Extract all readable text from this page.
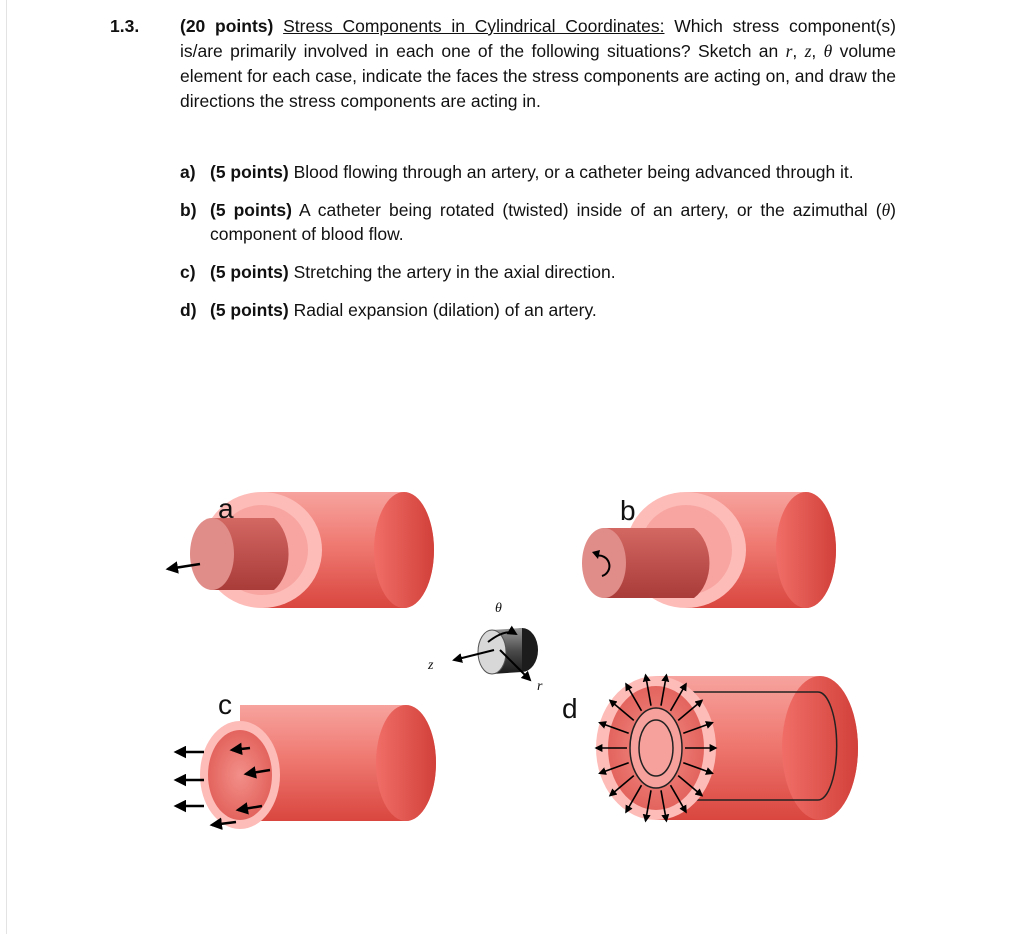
1.3. (20 points) Stress Components in Cylindrical Coordinates: Which stress component(s) is/are primarily involved in each one of the following situations? Sketch an r, z, θ volume element for each case, indicate the faces the stress components are acting on, and draw the directions the stress components are acting in.
a) (5 points) Blood flowing through an artery, or a catheter being advanced through it.
b) (5 points) A catheter being rotated (twisted) inside of an artery, or the azimuthal (θ) component of blood flow.
c) (5 points) Stretching the artery in the axial direction.
d) (5 points) Radial expansion (dilation) of an artery.
a	b
θ
z
r
c	d
